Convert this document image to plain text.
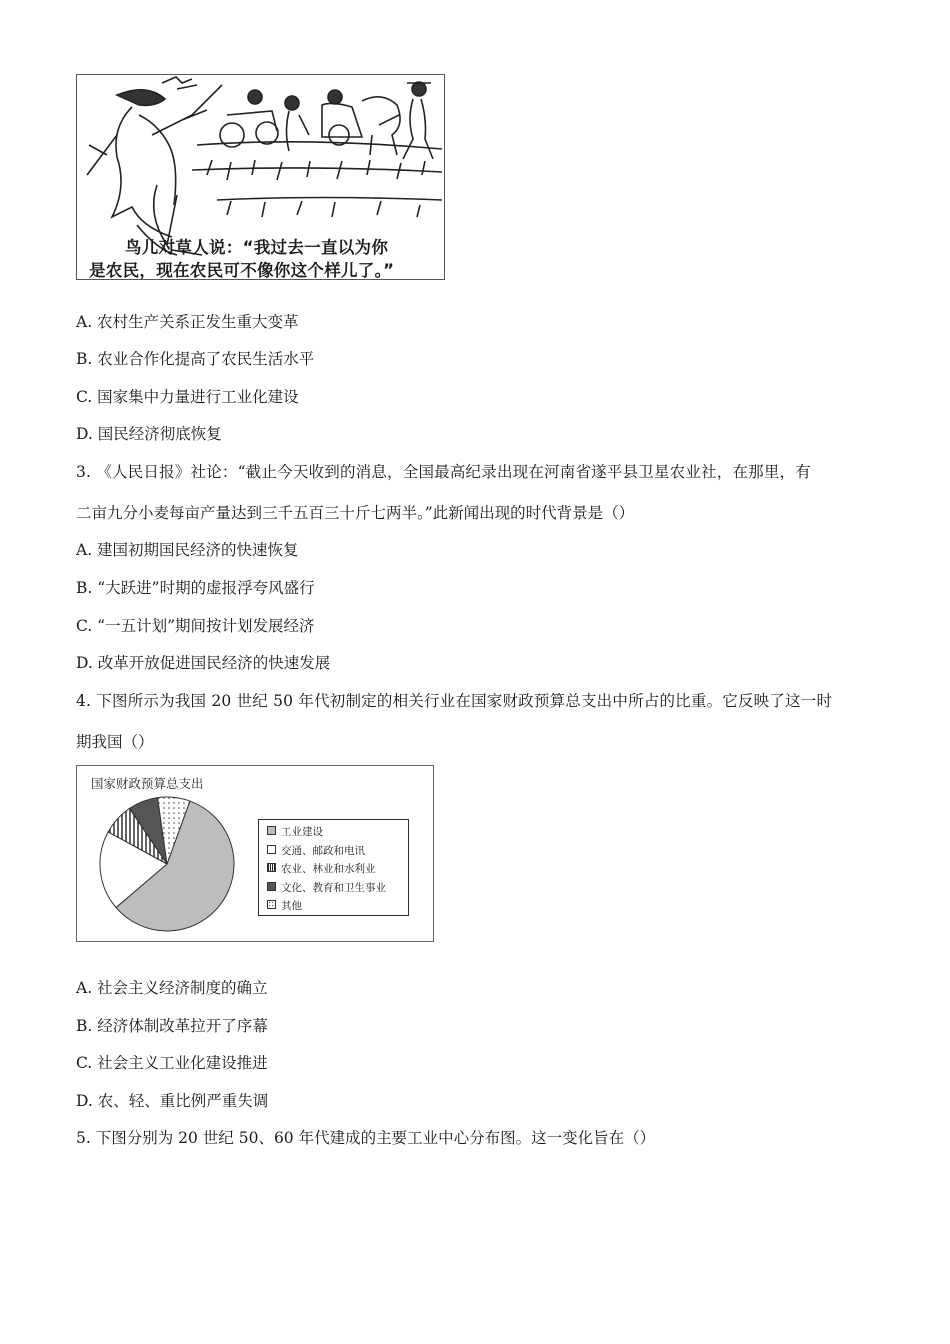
鸟儿对草人说：“我过去一直以为你
是农民，现在农民可不像你这个样儿了。”
A. 农村生产关系正发生重大变革
B. 农业合作化提高了农民生活水平
C. 国家集中力量进行工业化建设
D. 国民经济彻底恢复
3. 《人民日报》社论：“截止今天收到的消息，全国最高纪录出现在河南省遂平县卫星农业社，在那里，有
二亩九分小麦每亩产量达到三千五百三十斤七两半。”此新闻出现的时代背景是（）
A. 建国初期国民经济的快速恢复
B. “大跃进”时期的虚报浮夸风盛行
C. “一五计划”期间按计划发展经济
D. 改革开放促进国民经济的快速发展
4. 下图所示为我国 20 世纪 50 年代初制定的相关行业在国家财政预算总支出中所占的比重。它反映了这一时
期我国（）
国家财政预算总支出
工业建设
交通、邮政和电讯
农业、林业和水利业
文化、教育和卫生事业
其他
A. 社会主义经济制度的确立
B. 经济体制改革拉开了序幕
C. 社会主义工业化建设推进
D. 农、轻、重比例严重失调
5. 下图分别为 20 世纪 50、60 年代建成的主要工业中心分布图。这一变化旨在（）
